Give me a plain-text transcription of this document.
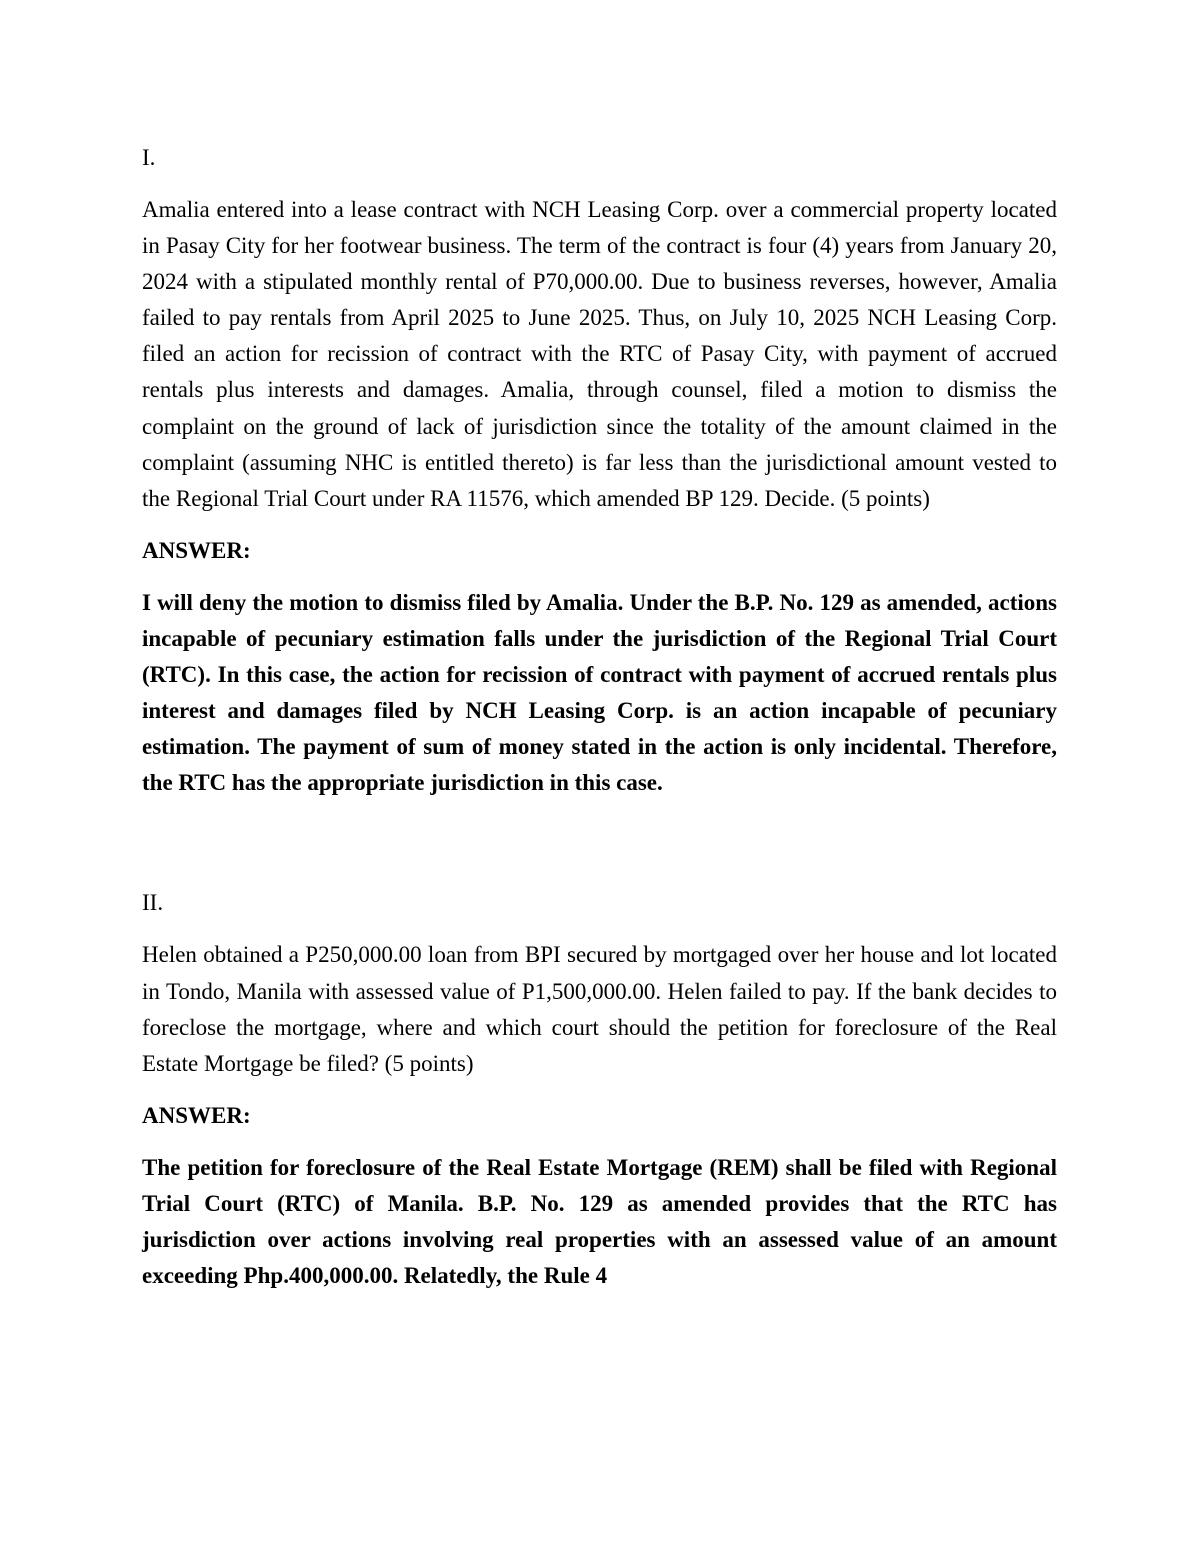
I.

Amalia entered into a lease contract with NCH Leasing Corp. over a commercial property located in Pasay City for her footwear business. The term of the contract is four (4) years from January 20, 2024 with a stipulated monthly rental of P70,000.00. Due to business reverses, however, Amalia failed to pay rentals from April 2025 to June 2025. Thus, on July 10, 2025 NCH Leasing Corp. filed an action for recission of contract with the RTC of Pasay City, with payment of accrued rentals plus interests and damages. Amalia, through counsel, filed a motion to dismiss the complaint on the ground of lack of jurisdiction since the totality of the amount claimed in the complaint (assuming NHC is entitled thereto) is far less than the jurisdictional amount vested to the Regional Trial Court under RA 11576, which amended BP 129. Decide. (5 points)

ANSWER:

I will deny the motion to dismiss filed by Amalia. Under the B.P. No. 129 as amended, actions incapable of pecuniary estimation falls under the jurisdiction of the Regional Trial Court (RTC). In this case, the action for recission of contract with payment of accrued rentals plus interest and damages filed by NCH Leasing Corp. is an action incapable of pecuniary estimation. The payment of sum of money stated in the action is only incidental. Therefore, the RTC has the appropriate jurisdiction in this case.

II.

Helen obtained a P250,000.00 loan from BPI secured by mortgaged over her house and lot located in Tondo, Manila with assessed value of P1,500,000.00. Helen failed to pay. If the bank decides to foreclose the mortgage, where and which court should the petition for foreclosure of the Real Estate Mortgage be filed? (5 points)

ANSWER:

The petition for foreclosure of the Real Estate Mortgage (REM) shall be filed with Regional Trial Court (RTC) of Manila. B.P. No. 129 as amended provides that the RTC has jurisdiction over actions involving real properties with an assessed value of an amount exceeding Php.400,000.00. Relatedly, the Rule 4
